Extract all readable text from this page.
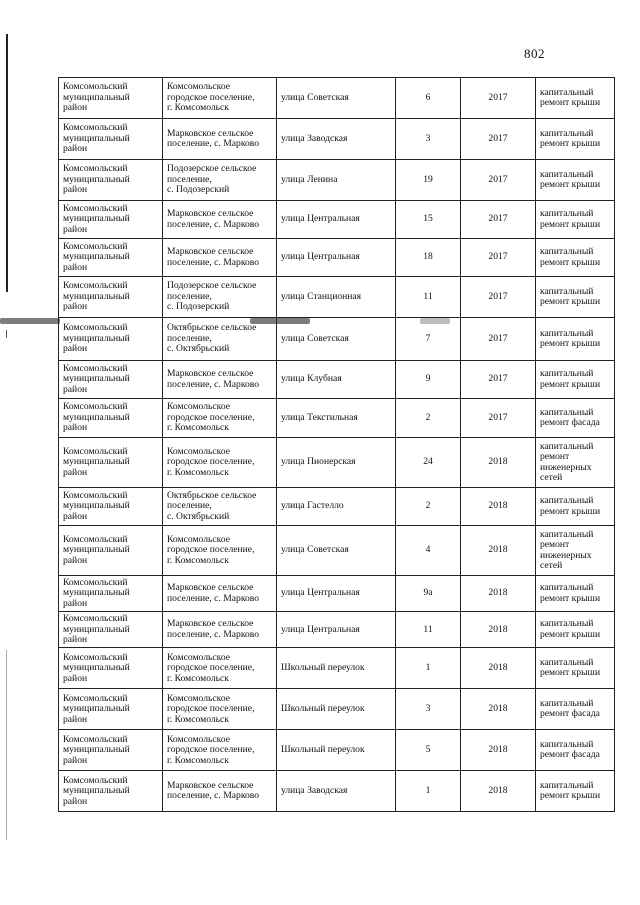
802
Комсомольский
муниципальный
район	Комсомольское
городское поселение,
г. Комсомольск	улица Советская	6	2017	капитальный
ремонт крыши
Комсомольский
муниципальный
район	Марковское сельское
поселение, с. Марково	улица Заводская	3	2017	капитальный
ремонт крыши
Комсомольский
муниципальный
район	Подозерское сельское
поселение,
с. Подозерский	улица Ленина	19	2017	капитальный
ремонт крыши
Комсомольский
муниципальный
район	Марковское сельское
поселение, с. Марково	улица Центральная	15	2017	капитальный
ремонт крыши
Комсомольский
муниципальный
район	Марковское сельское
поселение, с. Марково	улица Центральная	18	2017	капитальный
ремонт крыши
Комсомольский
муниципальный
район	Подозерское сельское
поселение,
с. Подозерский	улица Станционная	11	2017	капитальный
ремонт крыши
Комсомольский
муниципальный
район	Октябрьское сельское
поселение,
с. Октябрьский	улица Советская	7	2017	капитальный
ремонт крыши
Комсомольский
муниципальный
район	Марковское сельское
поселение, с. Марково	улица Клубная	9	2017	капитальный
ремонт крыши
Комсомольский
муниципальный
район	Комсомольское
городское поселение,
г. Комсомольск	улица Текстильная	2	2017	капитальный
ремонт фасада
Комсомольский
муниципальный
район	Комсомольское
городское поселение,
г. Комсомольск	улица Пионерская	24	2018	капитальный
ремонт
инженерных
сетей
Комсомольский
муниципальный
район	Октябрьское сельское
поселение,
с. Октябрьский	улица Гастелло	2	2018	капитальный
ремонт крыши
Комсомольский
муниципальный
район	Комсомольское
городское поселение,
г. Комсомольск	улица Советская	4	2018	капитальный
ремонт
инженерных
сетей
Комсомольский
муниципальный
район	Марковское сельское
поселение, с. Марково	улица Центральная	9а	2018	капитальный
ремонт крыши
Комсомольский
муниципальный
район	Марковское сельское
поселение, с. Марково	улица Центральная	11	2018	капитальный
ремонт крыши
Комсомольский
муниципальный
район	Комсомольское
городское поселение,
г. Комсомольск	Школьный переулок	1	2018	капитальный
ремонт крыши
Комсомольский
муниципальный
район	Комсомольское
городское поселение,
г. Комсомольск	Школьный переулок	3	2018	капитальный
ремонт фасада
Комсомольский
муниципальный
район	Комсомольское
городское поселение,
г. Комсомольск	Школьный переулок	5	2018	капитальный
ремонт фасада
Комсомольский
муниципальный
район	Марковское сельское
поселение, с. Марково	улица Заводская	1	2018	капитальный
ремонт крыши
